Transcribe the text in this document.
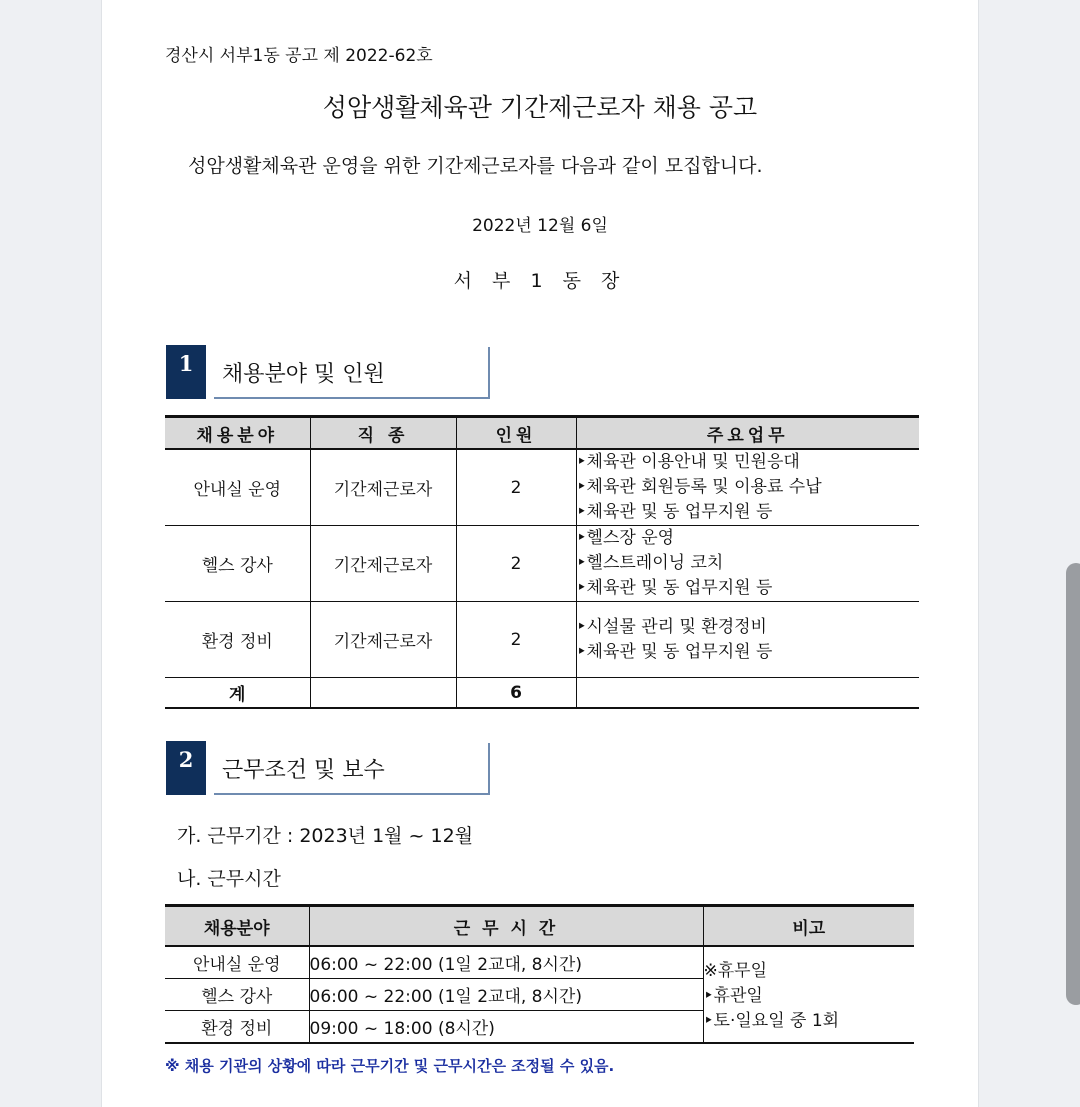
경산시 서부1동 공고 제 2022-62호
성암생활체육관 기간제근로자 채용 공고
성암생활체육관 운영을 위한 기간제근로자를 다음과 같이 모집합니다.
2022년 12월 6일
서 부 1 동 장
1	채용분야 및 인원
채용분야	직 종	인원	주요업무
안내실 운영	기간제근로자	2	‣체육관 이용안내 및 민원응대
‣체육관 회원등록 및 이용료 수납
‣체육관 및 동 업무지원 등

헬스 강사	기간제근로자	2	‣헬스장 운영
‣헬스트레이닝 코치
‣체육관 및 동 업무지원 등

환경 정비	기간제근로자	2	‣시설물 관리 및 환경정비
‣체육관 및 동 업무지원 등

계		6	
2	근무조건 및 보수
가. 근무기간 : 2023년 1월 ~ 12월
나. 근무시간
채용분야	근 무 시 간	비고
안내실 운영	06:00 ~ 22:00 (1일 2교대, 8시간)	※휴무일
‣휴관일
‣토·일요일 중 1회

헬스 강사	06:00 ~ 22:00 (1일 2교대, 8시간)	
환경 정비	09:00 ~ 18:00 (8시간)	
※ 채용 기관의 상황에 따라 근무기간 및 근무시간은 조정될 수 있음.
